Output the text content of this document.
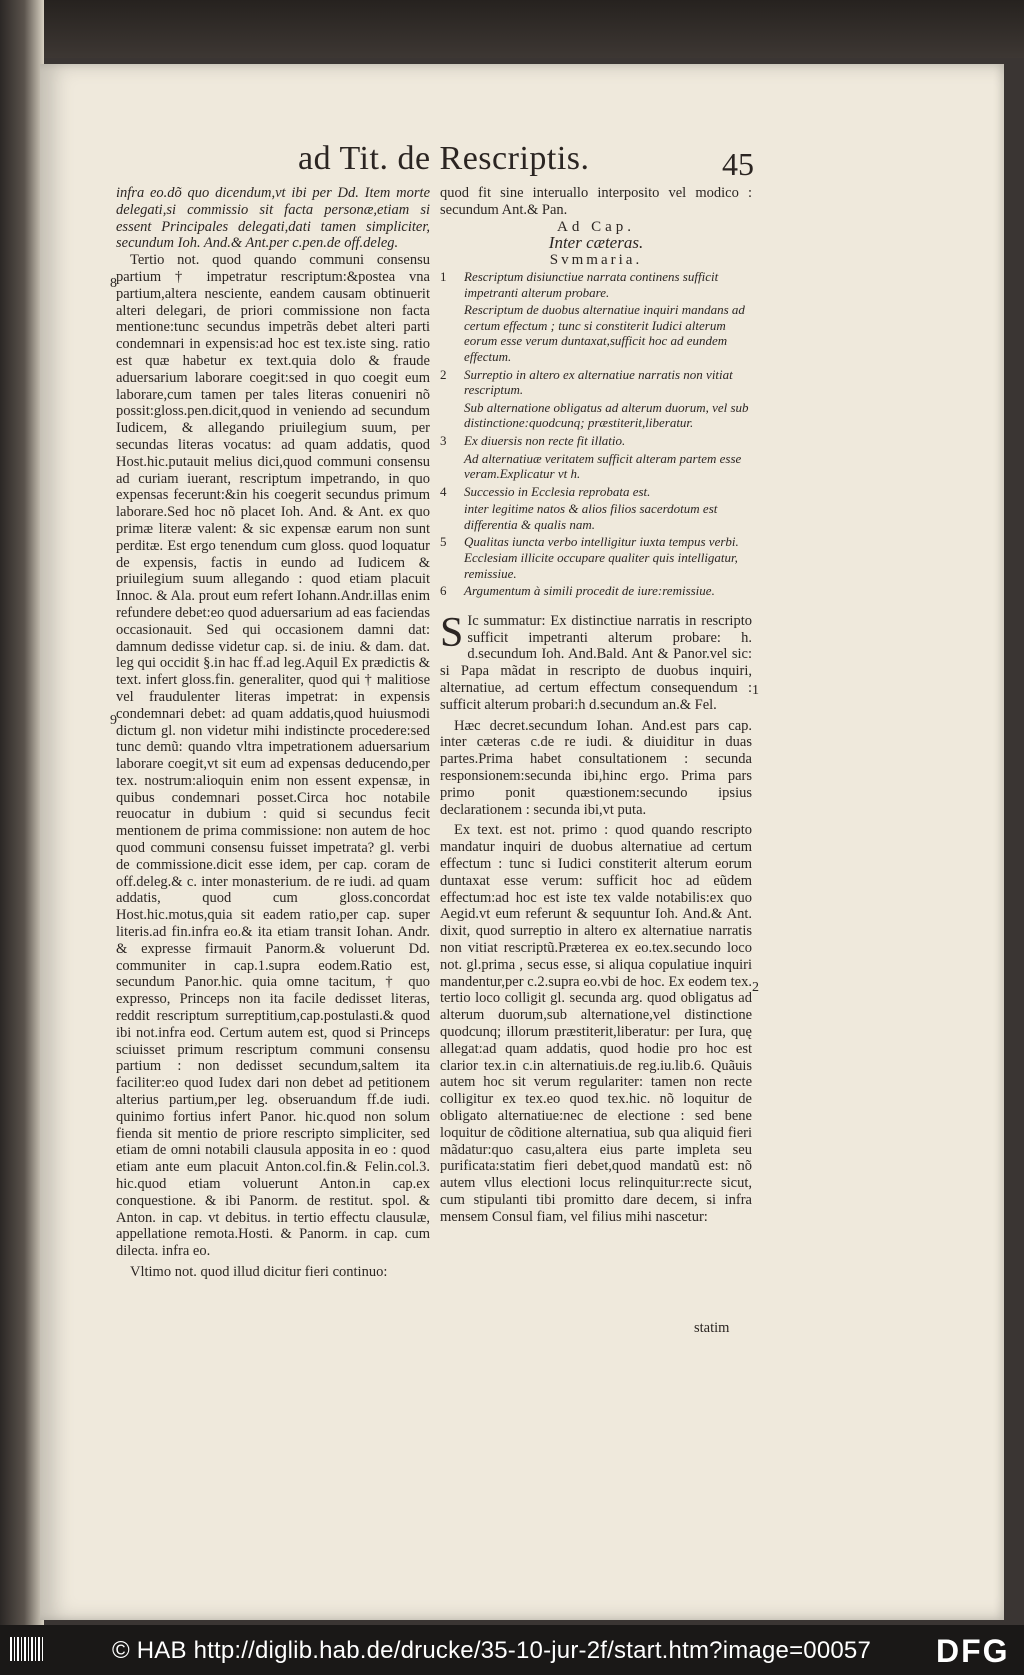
ad Tit. de Rescriptis.	45

infra eo.dõ quo dicendum,vt ibi per Dd. Item morte delegati,si commissio sit facta personæ,etiam si essent Principales delegati,dati tamen simpliciter, secundum Ioh. And.& Ant.per c.pen.de off.deleg.

Tertio not. quod quando communi consensu partium † impetratur rescriptum:&postea vna partium,altera nesciente, eandem causam obtinuerit alteri delegari, de priori commissione non facta mentione:tunc secundus impetrãs debet alteri parti condemnari in expensis:ad hoc est tex.iste sing. ratio est quæ habetur ex text.quia dolo & fraude aduersarium laborare coegit:sed in quo coegit eum laborare,cum tamen per tales literas conueniri nõ possit:gloss.pen.dicit,quod in veniendo ad secundum Iudicem, & allegando priuilegium suum, per secundas literas vocatus: ad quam addatis, quod Host.hic.putauit melius dici,quod communi consensu ad curiam iuerant, rescriptum impetrando, in quo expensas fecerunt:&in his coegerit secundus primum laborare.Sed hoc nõ placet Ioh. And. & Ant. ex quo primæ literæ valent: & sic expensæ earum non sunt perditæ. Est ergo tenendum cum gloss. quod loquatur de expensis, factis in eundo ad Iudicem & priuilegium suum allegando : quod etiam placuit Innoc. & Ala. prout eum refert Iohann.Andr.illas enim refundere debet:eo quod aduersarium ad eas faciendas occasionauit. Sed qui occasionem damni dat: damnum dedisse videtur cap. si. de iniu. & dam. dat. leg qui occidit §.in hac ff.ad leg.Aquil Ex prædictis & text. infert gloss.fin. generaliter, quod qui † malitiose vel fraudulenter literas impetrat: in expensis condemnari debet: ad quam addatis,quod huiusmodi dictum gl. non videtur mihi indistincte procedere:sed tunc demũ: quando vltra impetrationem aduersarium laborare coegit,vt sit eum ad expensas deducendo,per tex. nostrum:alioquin enim non essent expensæ, in quibus condemnari posset.Circa hoc notabile reuocatur in dubium : quid si secundus fecit mentionem de prima commissione: non autem de hoc quod communi consensu fuisset impetrata? gl. verbi de commissione.dicit esse idem, per cap. coram de off.deleg.& c. inter monasterium. de re iudi. ad quam addatis, quod cum gloss.concordat Host.hic.motus,quia sit eadem ratio,per cap. super literis.ad fin.infra eo.& ita etiam transit Iohan. Andr. & expresse firmauit Panorm.& voluerunt Dd. communiter in cap.1.supra eodem.Ratio est, secundum Panor.hic. quia omne tacitum, † quo expresso, Princeps non ita facile dedisset literas, reddit rescriptum surreptitium,cap.postulasti.& quod ibi not.infra eod. Certum autem est, quod si Princeps sciuisset primum rescriptum communi consensu partium : non dedisset secundum,saltem ita faciliter:eo quod Iudex dari non debet ad petitionem alterius partium,per leg. obseruandum ff.de iudi. quinimo fortius infert Panor. hic.quod non solum fienda sit mentio de priore rescripto simpliciter, sed etiam de omni notabili clausula apposita in eo : quod etiam ante eum placuit Anton.col.fin.& Felin.col.3. hic.quod etiam voluerunt Anton.in cap.ex conquestione. & ibi Panorm. de restitut. spol. & Anton. in cap. vt debitus. in tertio effectu clausulæ, appellatione remota.Hosti. & Panorm. in cap. cum dilecta. infra eo.

Vltimo not. quod illud dicitur fieri continuo:

8
9

quod fit sine interuallo interposito vel modico : secundum Ant.& Pan.

Ad Cap.

Inter cæteras.

Svmmaria.

1	Rescriptum disiunctiue narrata continens sufficit impetranti alterum probare.
Rescriptum de duobus alternatiue inquiri mandans ad certum effectum ; tunc si constiterit Iudici alterum eorum esse verum duntaxat,sufficit hoc ad eundem effectum.
2	Surreptio in altero ex alternatiue narratis non vitiat rescriptum.
Sub alternatione obligatus ad alterum duorum, vel sub distinctione:quodcunq; præstiterit,liberatur.
3	Ex diuersis non recte fit illatio.
Ad alternatiuæ veritatem sufficit alteram partem esse veram.Explicatur vt h.
4	Successio in Ecclesia reprobata est.
inter legitime natos & alios filios sacerdotum est differentia & qualis nam.
5	Qualitas iuncta verbo intelligitur iuxta tempus verbi. Ecclesiam illicite occupare qualiter quis intelligatur, remissiue.
6	Argumentum à simili procedit de iure:remissiue.

S Ic summatur: Ex distinctiue narratis in rescripto sufficit impetranti alterum probare: h. d.secundum Ioh. And.Bald. Ant & Panor.vel sic: si Papa mãdat in rescripto de duobus inquiri, alternatiue, ad certum effectum consequendum : sufficit alterum probari:h d.secundum an.& Fel.

Hæc decret.secundum Iohan. And.est pars cap. inter cæteras c.de re iudi. & diuiditur in duas partes.Prima habet consultationem : secunda responsionem:secunda ibi,hinc ergo. Prima pars primo ponit quæstionem:secundo ipsius declarationem : secunda ibi,vt puta.

Ex text. est not. primo : quod quando rescripto mandatur inquiri de duobus alternatiue ad certum effectum : tunc si Iudici constiterit alterum eorum duntaxat esse verum: sufficit hoc ad eũdem effectum:ad hoc est iste tex valde notabilis:ex quo Aegid.vt eum referunt & sequuntur Ioh. And.& Ant. dixit, quod surreptio in altero ex alternatiue narratis non vitiat rescriptũ.Præterea ex eo.tex.secundo loco not. gl.prima , secus esse, si aliqua copulatiue inquiri mandentur,per c.2.supra eo.vbi de hoc. Ex eodem tex. tertio loco colligit gl. secunda arg. quod obligatus ad alterum duorum,sub alternatione,vel distinctione quodcunq; illorum præstiterit,liberatur: per Iura, quę allegat:ad quam addatis, quod hodie pro hoc est clarior tex.in c.in alternatiuis.de reg.iu.lib.6. Quãuis autem hoc sit verum regulariter: tamen non recte colligitur ex tex.eo quod tex.hic. nõ loquitur de obligato alternatiue:nec de electione : sed bene loquitur de cõditione alternatiua, sub qua aliquid fieri mãdatur:quo casu,altera eius parte impleta seu purificata:statim fieri debet,quod mandatũ est: nõ autem vllus electioni locus relinquitur:recte sicut, cum stipulanti tibi promitto dare decem, si infra mensem Consul fiam, vel filius mihi nascetur:

1
2
statim
© HAB http://diglib.hab.de/drucke/35-10-jur-2f/start.htm?image=00057 DFG
